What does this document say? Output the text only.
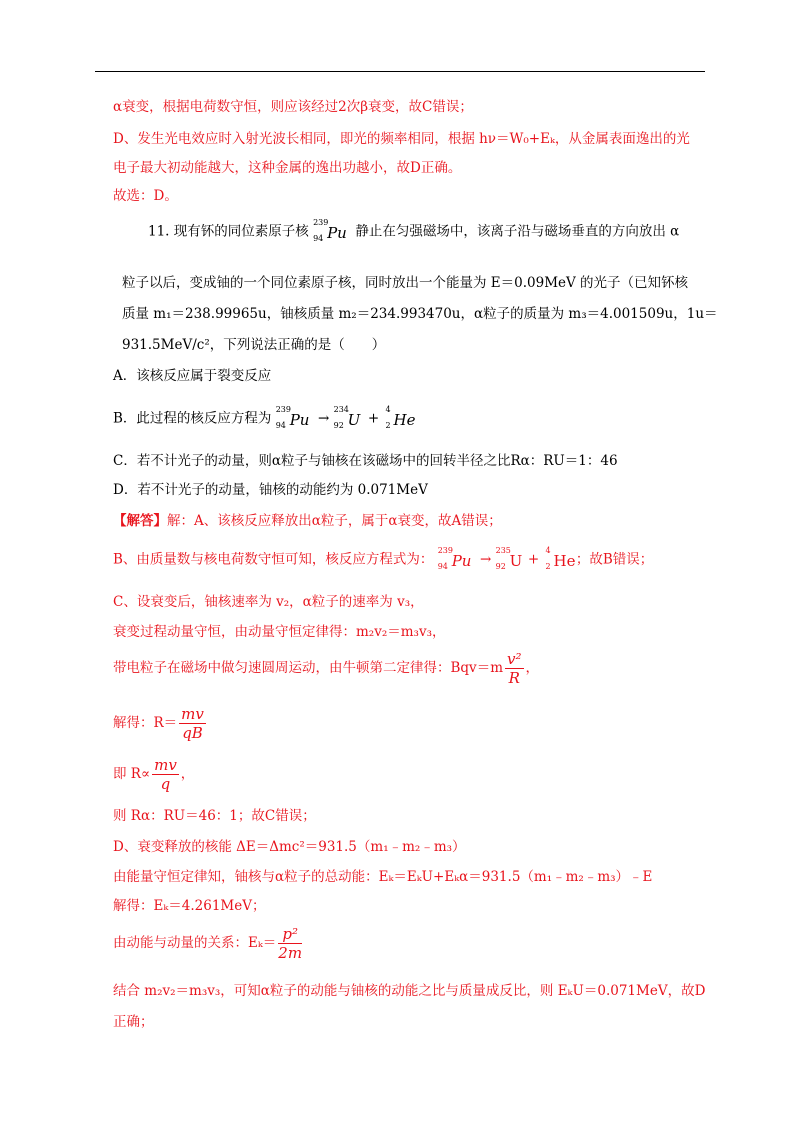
α衰变，根据电荷数守恒，则应该经过2次β衰变，故C错误；
D、发生光电效应时入射光波长相同，即光的频率相同，根据 hν＝W₀+Eₖ，从金属表面逸出的光
电子最大初动能越大，这种金属的逸出功越小，故D正确。
故选：D。
11. 现有钚的同位素原子核
239
94 Pu 静止在匀强磁场中，该离子沿与磁场垂直的方向放出 α
粒子以后，变成铀的一个同位素原子核，同时放出一个能量为 E＝0.09MeV 的光子（已知钚核
质量 m₁＝238.99965u，铀核质量 m₂＝234.993470u，α粒子的质量为 m₃＝4.001509u，1u＝
931.5MeV/c²，下列说法正确的是（　　）
A．该核反应属于裂变反应
B．此过程的核反应方程为
239
94 Pu →
234
92 U +
4
2 He
C．若不计光子的动量，则α粒子与铀核在该磁场中的回转半径之比Rα：RU＝1：46
D．若不计光子的动量，铀核的动能约为 0.071MeV
【解答】解：A、该核反应释放出α粒子，属于α衰变，故A错误；
B、由质量数与核电荷数守恒可知，核反应方程式为：
239
94 Pu →
235
92 U +
4
2 He ；故B错误；
C、设衰变后，铀核速率为 v₂，α粒子的速率为 v₃，
衰变过程动量守恒，由动量守恒定律得：m₂v₂＝m₃v₃，
带电粒子在磁场中做匀速圆周运动，由牛顿第二定律得：$Bqv=m \frac{\text{v²}}{R}$ ，
解得：$R= \frac{mv}{qB}$
即 $R\propto \frac{mv}{q}$ ，
则 Rα：RU＝46：1；故C错误；
D、衰变释放的核能 ΔE＝Δmc²＝931.5（m₁﹣m₂﹣m₃）
由能量守恒定律知，铀核与α粒子的总动能：Eₖ＝EₖU+Eₖα＝931.5（m₁﹣m₂﹣m₃）﹣E
解得：Eₖ＝4.261MeV；
由动能与动量的关系：$E_k= \frac{\text{p²}}{2m}$
结合 m₂v₂＝m₃v₃，可知α粒子的动能与铀核的动能之比与质量成反比，则 EₖU＝0.071MeV，故D
正确；
